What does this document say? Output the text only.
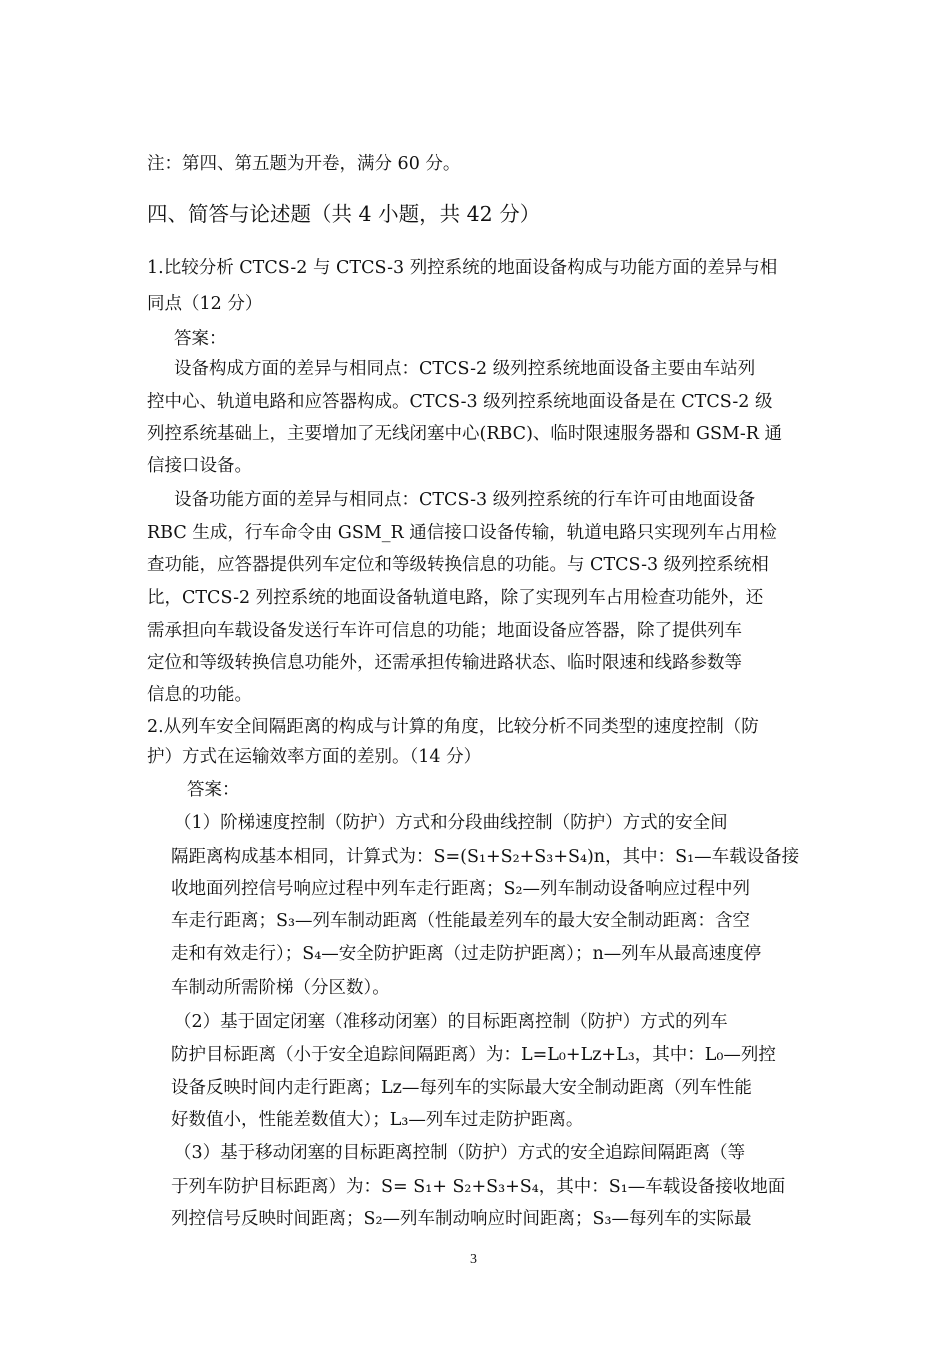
注：第四、第五题为开卷，满分 60 分。
四、简答与论述题（共 4 小题，共 42 分）
1.比较分析 CTCS-2 与 CTCS-3 列控系统的地面设备构成与功能方面的差异与相
同点（12 分）
答案：
设备构成方面的差异与相同点：CTCS-2 级列控系统地面设备主要由车站列
控中心、轨道电路和应答器构成。CTCS-3 级列控系统地面设备是在 CTCS-2 级
列控系统基础上，主要增加了无线闭塞中心(RBC)、临时限速服务器和 GSM-R 通
信接口设备。
设备功能方面的差异与相同点：CTCS-3 级列控系统的行车许可由地面设备
RBC 生成，行车命令由 GSM_R 通信接口设备传输，轨道电路只实现列车占用检
查功能，应答器提供列车定位和等级转换信息的功能。与 CTCS-3 级列控系统相
比，CTCS-2 列控系统的地面设备轨道电路，除了实现列车占用检查功能外，还
需承担向车载设备发送行车许可信息的功能；地面设备应答器，除了提供列车
定位和等级转换信息功能外，还需承担传输进路状态、临时限速和线路参数等
信息的功能。
2.从列车安全间隔距离的构成与计算的角度，比较分析不同类型的速度控制（防
护）方式在运输效率方面的差别。（14 分）
答案：
（1）阶梯速度控制（防护）方式和分段曲线控制（防护）方式的安全间
隔距离构成基本相同，计算式为：S=(S₁+S₂+S₃+S₄)n，其中：S₁—车载设备接
收地面列控信号响应过程中列车走行距离；S₂—列车制动设备响应过程中列
车走行距离；S₃—列车制动距离（性能最差列车的最大安全制动距离：含空
走和有效走行）；S₄—安全防护距离（过走防护距离）；n—列车从最高速度停
车制动所需阶梯（分区数）。
（2）基于固定闭塞（准移动闭塞）的目标距离控制（防护）方式的列车
防护目标距离（小于安全追踪间隔距离）为：L=L₀+Lz+L₃，其中：L₀—列控
设备反映时间内走行距离；Lz—每列车的实际最大安全制动距离（列车性能
好数值小，性能差数值大）；L₃—列车过走防护距离。
（3）基于移动闭塞的目标距离控制（防护）方式的安全追踪间隔距离（等
于列车防护目标距离）为：S= S₁+ S₂+S₃+S₄，其中：S₁—车载设备接收地面
列控信号反映时间距离；S₂—列车制动响应时间距离；S₃—每列车的实际最
3
